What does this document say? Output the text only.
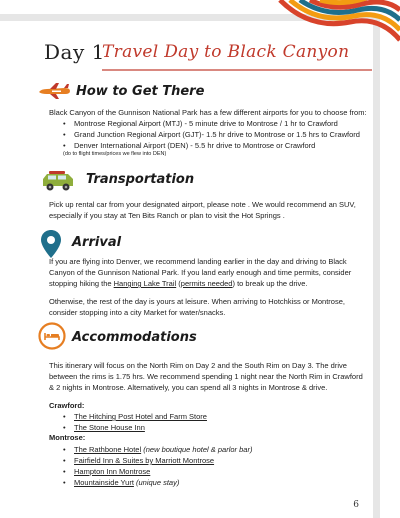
Day 1
Travel Day to Black Canyon
How to Get There
Black Canyon of the Gunnison National Park has a few different airports for you to choose from:
• Montrose Regional Airport (MTJ) - 5 minute drive to Montrose / 1 hr to Crawford
• Grand Junction Regional Airport (GJT)- 1.5 hr drive to Montrose or 1.5 hrs to Crawford
• Denver International Airport (DEN) - 5.5 hr drive to Montrose or Crawford
(do to flight times/prices we flew into DEN)
Transportation
Pick up rental car from your designated airport, please note . We would recommend an SUV,
especially if you stay at Ten Bits Ranch or plan to visit the Hot Springs .
Arrival
If you are flying into Denver, we recommend landing earlier in the day and driving to Black
Canyon of the Gunnison National Park. If you land early enough and time permits, consider
stopping hiking the Hanging Lake Trail (permits needed) to break up the drive.
Otherwise, the rest of the day is yours at leisure. When arriving to Hotchkiss or Montrose,
consider stopping into a city Market for water/snacks.
Accommodations
This itinerary will focus on the North Rim on Day 2 and the South Rim on Day 3. The drive
between the rims is 1.75 hrs. We recommend spending 1 night near the North Rim in Crawford
& 2 nights in Montrose. Alternatively, you can spend all 3 nights in Montrose & drive.
Crawford:
• The Hitching Post Hotel and Farm Store
• The Stone House Inn
Montrose:
• The Rathbone Hotel (new boutique hotel & parlor bar)
• Fairfield Inn & Suites by Marriott Montrose
• Hampton Inn Montrose
• Mountainside Yurt (unique stay)
6
